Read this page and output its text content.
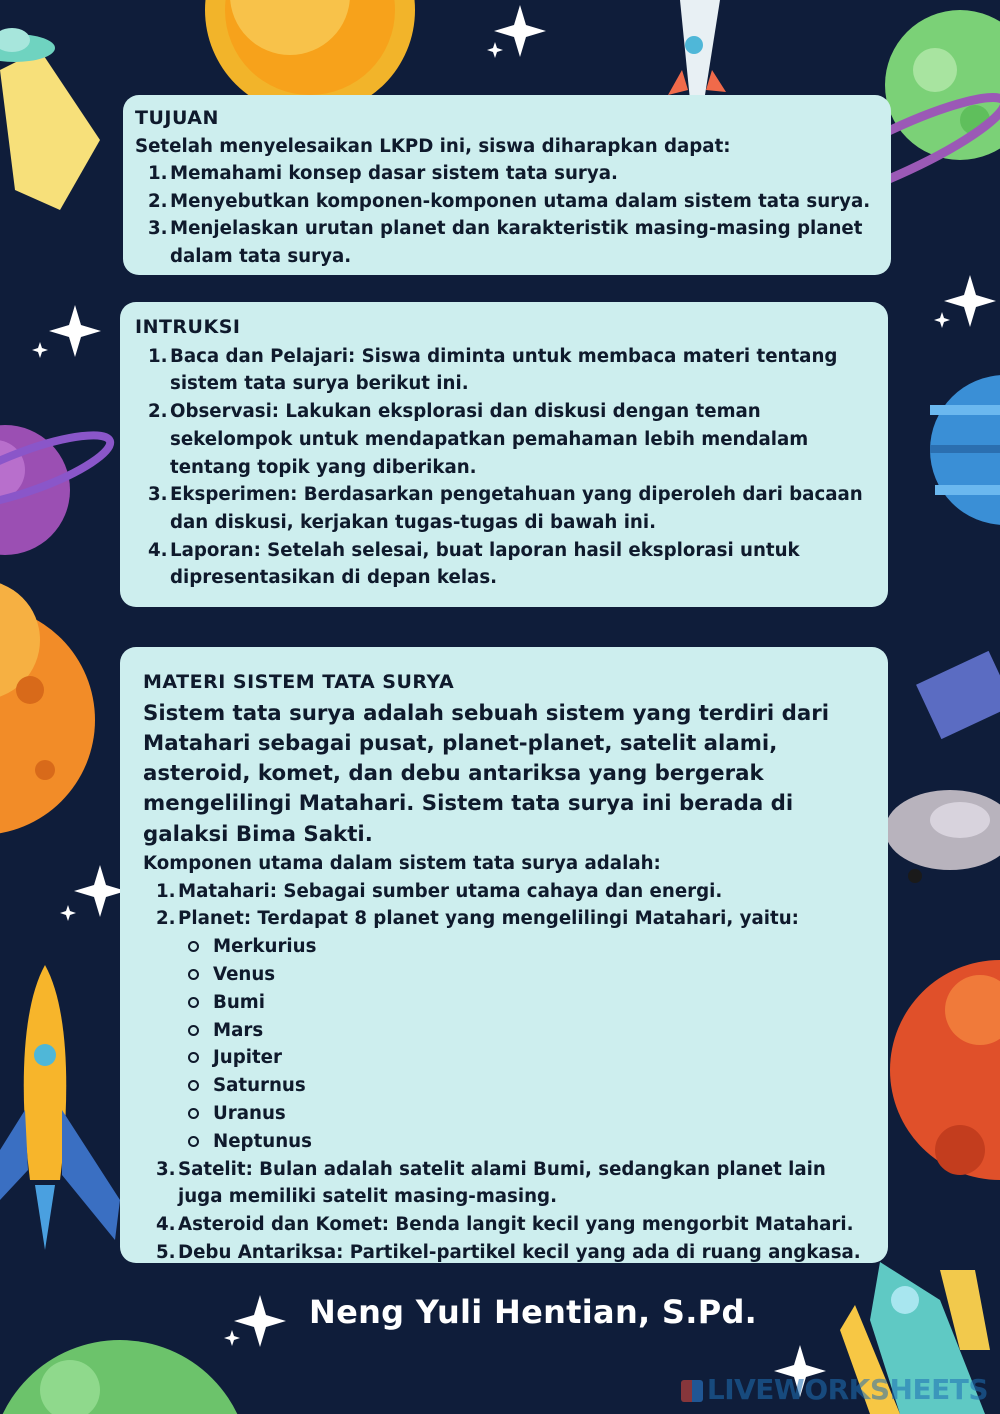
TUJUAN

Setelah menyelesaikan LKPD ini, siswa diharapkan dapat:

1. Memahami konsep dasar sistem tata surya.
2. Menyebutkan komponen-komponen utama dalam sistem tata surya.
3. Menjelaskan urutan planet dan karakteristik masing-masing planet dalam tata surya.
INTRUKSI
1. Baca dan Pelajari: Siswa diminta untuk membaca materi tentang sistem tata surya berikut ini.
2. Observasi: Lakukan eksplorasi dan diskusi dengan teman sekelompok untuk mendapatkan pemahaman lebih mendalam tentang topik yang diberikan.
3. Eksperimen: Berdasarkan pengetahuan yang diperoleh dari bacaan dan diskusi, kerjakan tugas-tugas di bawah ini.
4. Laporan: Setelah selesai, buat laporan hasil eksplorasi untuk dipresentasikan di depan kelas.
MATERI SISTEM TATA SURYA

Sistem tata surya adalah sebuah sistem yang terdiri dari Matahari sebagai pusat, planet-planet, satelit alami, asteroid, komet, dan debu antariksa yang bergerak mengelilingi Matahari. Sistem tata surya ini berada di galaksi Bima Sakti.

Komponen utama dalam sistem tata surya adalah:

1. Matahari: Sebagai sumber utama cahaya dan energi.
2. Planet: Terdapat 8 planet yang mengelilingi Matahari, yaitu:
Merkurius
Venus
Bumi
Mars
Jupiter
Saturnus
Uranus
Neptunus
3. Satelit: Bulan adalah satelit alami Bumi, sedangkan planet lain juga memiliki satelit masing-masing.
4. Asteroid dan Komet: Benda langit kecil yang mengorbit Matahari.
5. Debu Antariksa: Partikel-partikel kecil yang ada di ruang angkasa.
Neng Yuli Hentian, S.Pd.
LIVEWORKSHEETS
